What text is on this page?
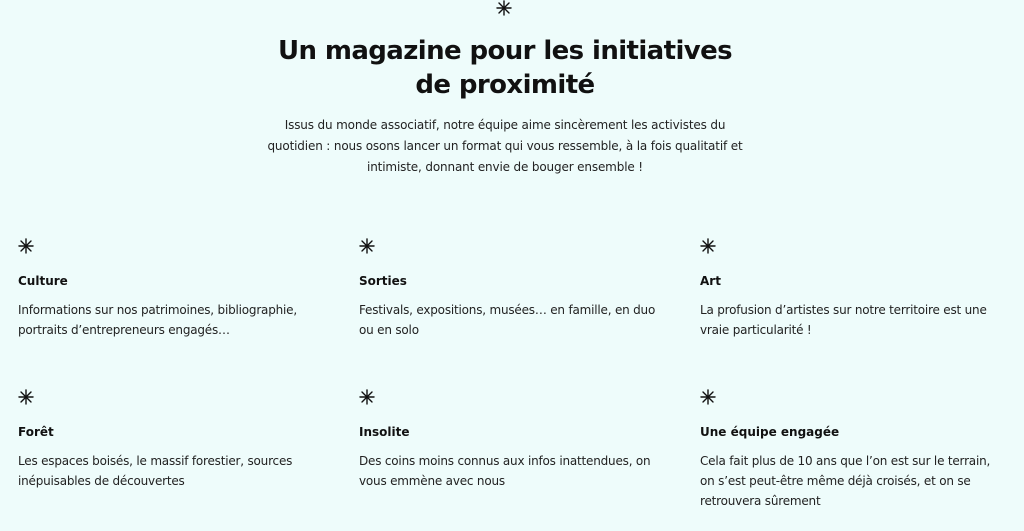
Un magazine pour les initiatives de proximité

Issus du monde associatif, notre équipe aime sincèrement les activistes du quotidien : nous osons lancer un format qui vous ressemble, à la fois qualitatif et intimiste, donnant envie de bouger ensemble !

Culture

Informations sur nos patrimoines, bibliographie, portraits d’entrepreneurs engagés…

Sorties

Festivals, expositions, musées… en famille, en duo ou en solo

Art

La profusion d’artistes sur notre territoire est une vraie particularité !

Forêt

Les espaces boisés, le massif forestier, sources inépuisables de découvertes

Insolite

Des coins moins connus aux infos inattendues, on vous emmène avec nous

Une équipe engagée

Cela fait plus de 10 ans que l’on est sur le terrain, on s’est peut-être même déjà croisés, et on se retrouvera sûrement
